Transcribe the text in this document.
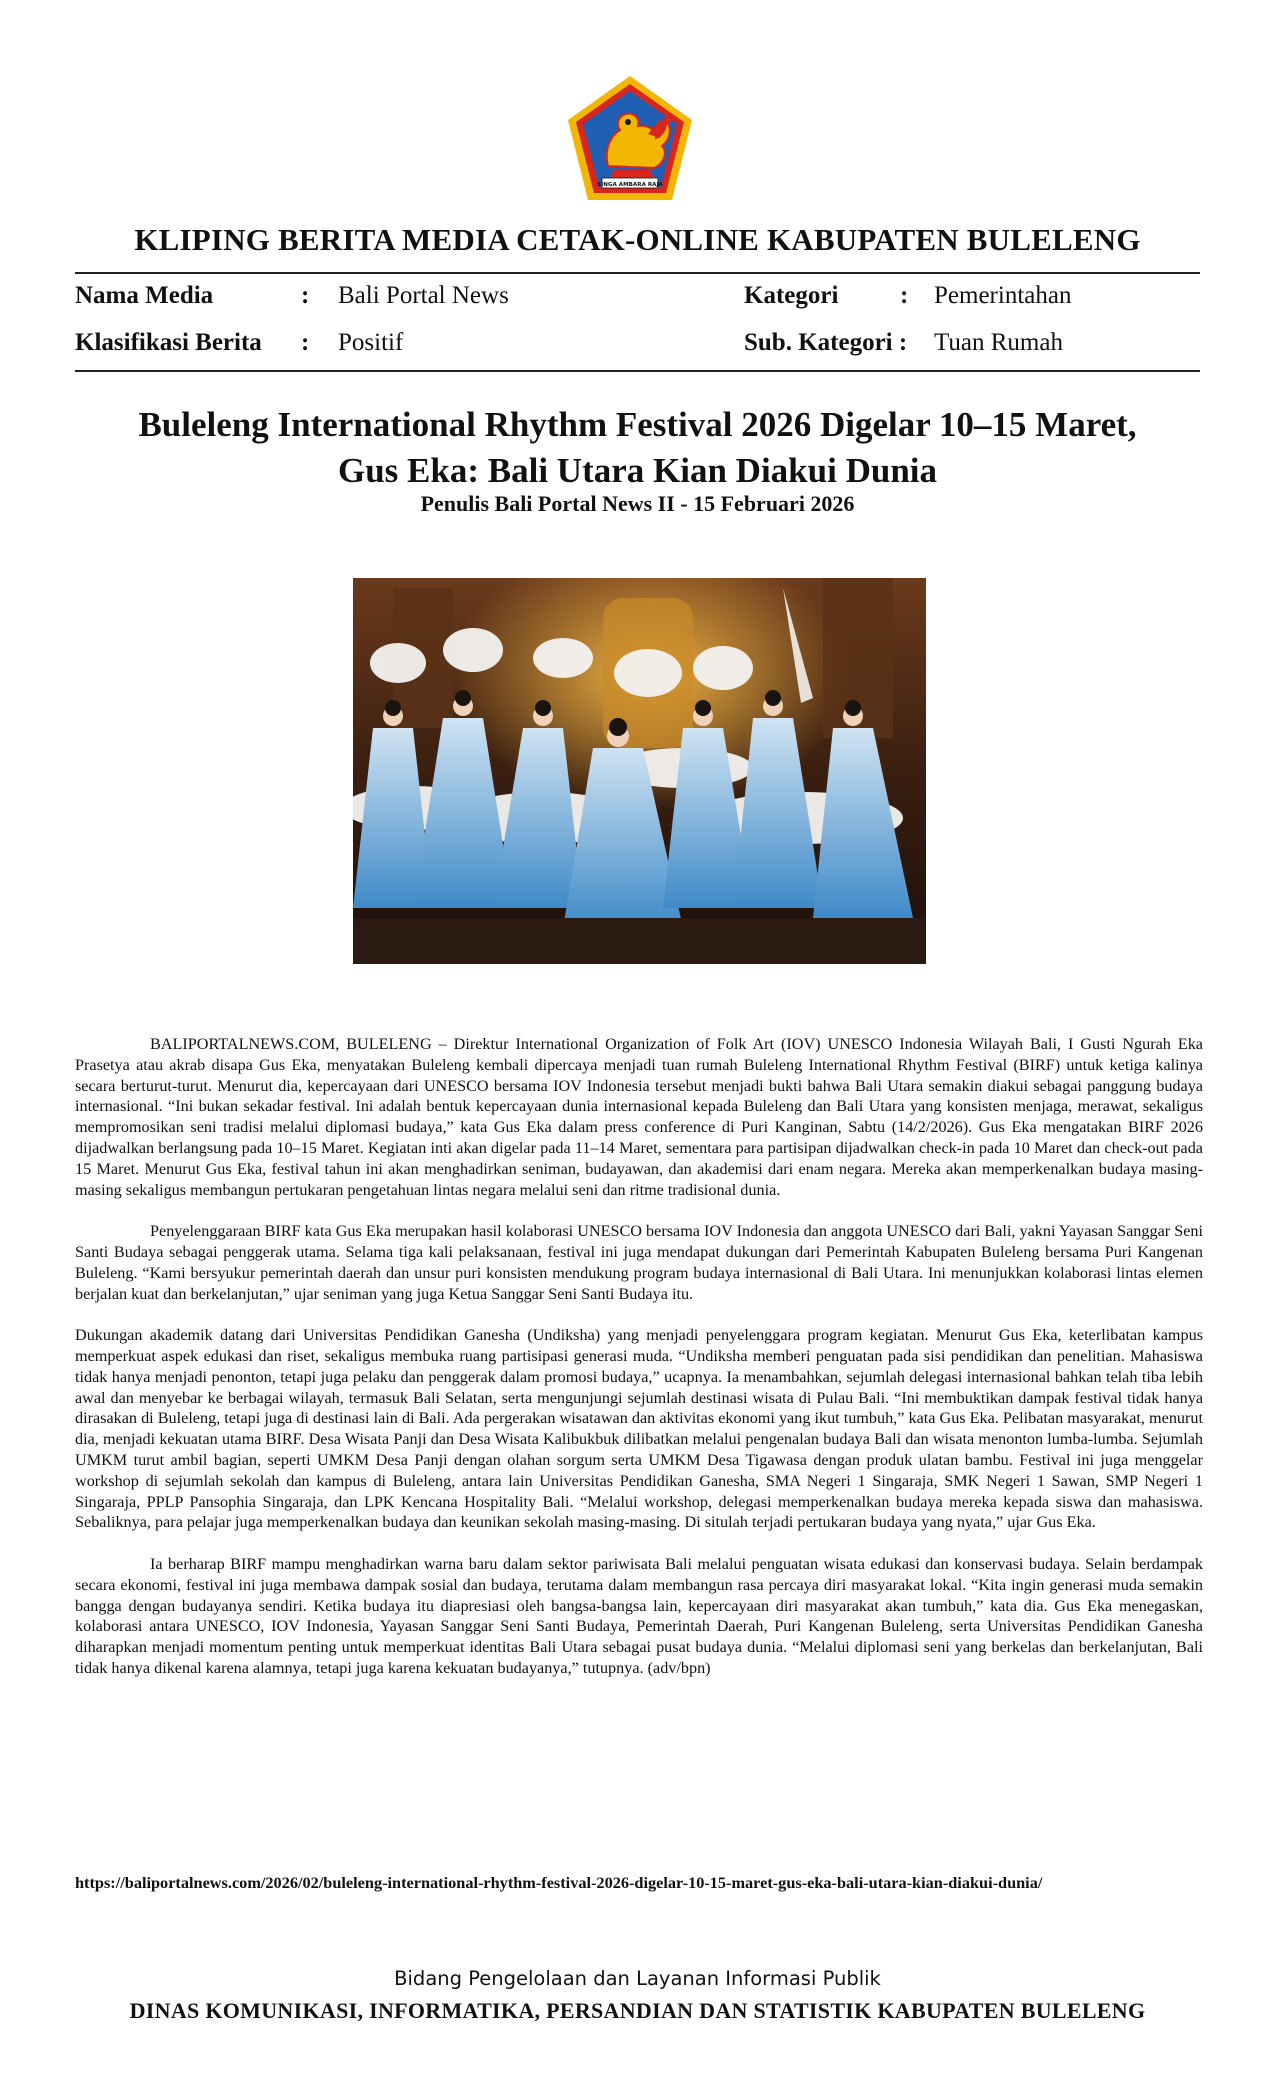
SINGA AMBARA RAJA
KLIPING BERITA MEDIA CETAK-ONLINE KABUPATEN BULELENG
Nama Media	: Bali Portal News
Klasifikasi Berita : Positif
Kategori : Pemerintahan
Sub. Kategori : Tuan Rumah
Buleleng International Rhythm Festival 2026 Digelar 10–15 Maret,
Gus Eka: Bali Utara Kian Diakui Dunia
Penulis Bali Portal News II - 15 Februari 2026

BALIPORTALNEWS.COM, BULELENG – Direktur International Organization of Folk Art (IOV) UNESCO Indonesia Wilayah Bali, I Gusti Ngurah Eka Prasetya atau akrab disapa Gus Eka, menyatakan Buleleng kembali dipercaya menjadi tuan rumah Buleleng International Rhythm Festival (BIRF) untuk ketiga kalinya secara berturut-turut. Menurut dia, kepercayaan dari UNESCO bersama IOV Indonesia tersebut menjadi bukti bahwa Bali Utara semakin diakui sebagai panggung budaya internasional. “Ini bukan sekadar festival. Ini adalah bentuk kepercayaan dunia internasional kepada Buleleng dan Bali Utara yang konsisten menjaga, merawat, sekaligus mempromosikan seni tradisi melalui diplomasi budaya,” kata Gus Eka dalam press conference di Puri Kanginan, Sabtu (14/2/2026). Gus Eka mengatakan BIRF 2026 dijadwalkan berlangsung pada 10–15 Maret. Kegiatan inti akan digelar pada 11–14 Maret, sementara para partisipan dijadwalkan check-in pada 10 Maret dan check-out pada 15 Maret. Menurut Gus Eka, festival tahun ini akan menghadirkan seniman, budayawan, dan akademisi dari enam negara. Mereka akan memperkenalkan budaya masing-masing sekaligus membangun pertukaran pengetahuan lintas negara melalui seni dan ritme tradisional dunia.

Penyelenggaraan BIRF kata Gus Eka merupakan hasil kolaborasi UNESCO bersama IOV Indonesia dan anggota UNESCO dari Bali, yakni Yayasan Sanggar Seni Santi Budaya sebagai penggerak utama. Selama tiga kali pelaksanaan, festival ini juga mendapat dukungan dari Pemerintah Kabupaten Buleleng bersama Puri Kangenan Buleleng. “Kami bersyukur pemerintah daerah dan unsur puri konsisten mendukung program budaya internasional di Bali Utara. Ini menunjukkan kolaborasi lintas elemen berjalan kuat dan berkelanjutan,” ujar seniman yang juga Ketua Sanggar Seni Santi Budaya itu.

Dukungan akademik datang dari Universitas Pendidikan Ganesha (Undiksha) yang menjadi penyelenggara program kegiatan. Menurut Gus Eka, keterlibatan kampus memperkuat aspek edukasi dan riset, sekaligus membuka ruang partisipasi generasi muda. “Undiksha memberi penguatan pada sisi pendidikan dan penelitian. Mahasiswa tidak hanya menjadi penonton, tetapi juga pelaku dan penggerak dalam promosi budaya,” ucapnya. Ia menambahkan, sejumlah delegasi internasional bahkan telah tiba lebih awal dan menyebar ke berbagai wilayah, termasuk Bali Selatan, serta mengunjungi sejumlah destinasi wisata di Pulau Bali. “Ini membuktikan dampak festival tidak hanya dirasakan di Buleleng, tetapi juga di destinasi lain di Bali. Ada pergerakan wisatawan dan aktivitas ekonomi yang ikut tumbuh,” kata Gus Eka. Pelibatan masyarakat, menurut dia, menjadi kekuatan utama BIRF. Desa Wisata Panji dan Desa Wisata Kalibukbuk dilibatkan melalui pengenalan budaya Bali dan wisata menonton lumba-lumba. Sejumlah UMKM turut ambil bagian, seperti UMKM Desa Panji dengan olahan sorgum serta UMKM Desa Tigawasa dengan produk ulatan bambu. Festival ini juga menggelar workshop di sejumlah sekolah dan kampus di Buleleng, antara lain Universitas Pendidikan Ganesha, SMA Negeri 1 Singaraja, SMK Negeri 1 Sawan, SMP Negeri 1 Singaraja, PPLP Pansophia Singaraja, dan LPK Kencana Hospitality Bali. “Melalui workshop, delegasi memperkenalkan budaya mereka kepada siswa dan mahasiswa. Sebaliknya, para pelajar juga memperkenalkan budaya dan keunikan sekolah masing-masing. Di situlah terjadi pertukaran budaya yang nyata,” ujar Gus Eka.

Ia berharap BIRF mampu menghadirkan warna baru dalam sektor pariwisata Bali melalui penguatan wisata edukasi dan konservasi budaya. Selain berdampak secara ekonomi, festival ini juga membawa dampak sosial dan budaya, terutama dalam membangun rasa percaya diri masyarakat lokal. “Kita ingin generasi muda semakin bangga dengan budayanya sendiri. Ketika budaya itu diapresiasi oleh bangsa-bangsa lain, kepercayaan diri masyarakat akan tumbuh,” kata dia. Gus Eka menegaskan, kolaborasi antara UNESCO, IOV Indonesia, Yayasan Sanggar Seni Santi Budaya, Pemerintah Daerah, Puri Kangenan Buleleng, serta Universitas Pendidikan Ganesha diharapkan menjadi momentum penting untuk memperkuat identitas Bali Utara sebagai pusat budaya dunia. “Melalui diplomasi seni yang berkelas dan berkelanjutan, Bali tidak hanya dikenal karena alamnya, tetapi juga karena kekuatan budayanya,” tutupnya. (adv/bpn)

https://baliportalnews.com/2026/02/buleleng-international-rhythm-festival-2026-digelar-10-15-maret-gus-eka-bali-utara-kian-diakui-dunia/
Bidang Pengelolaan dan Layanan Informasi Publik
DINAS KOMUNIKASI, INFORMATIKA, PERSANDIAN DAN STATISTIK KABUPATEN BULELENG
